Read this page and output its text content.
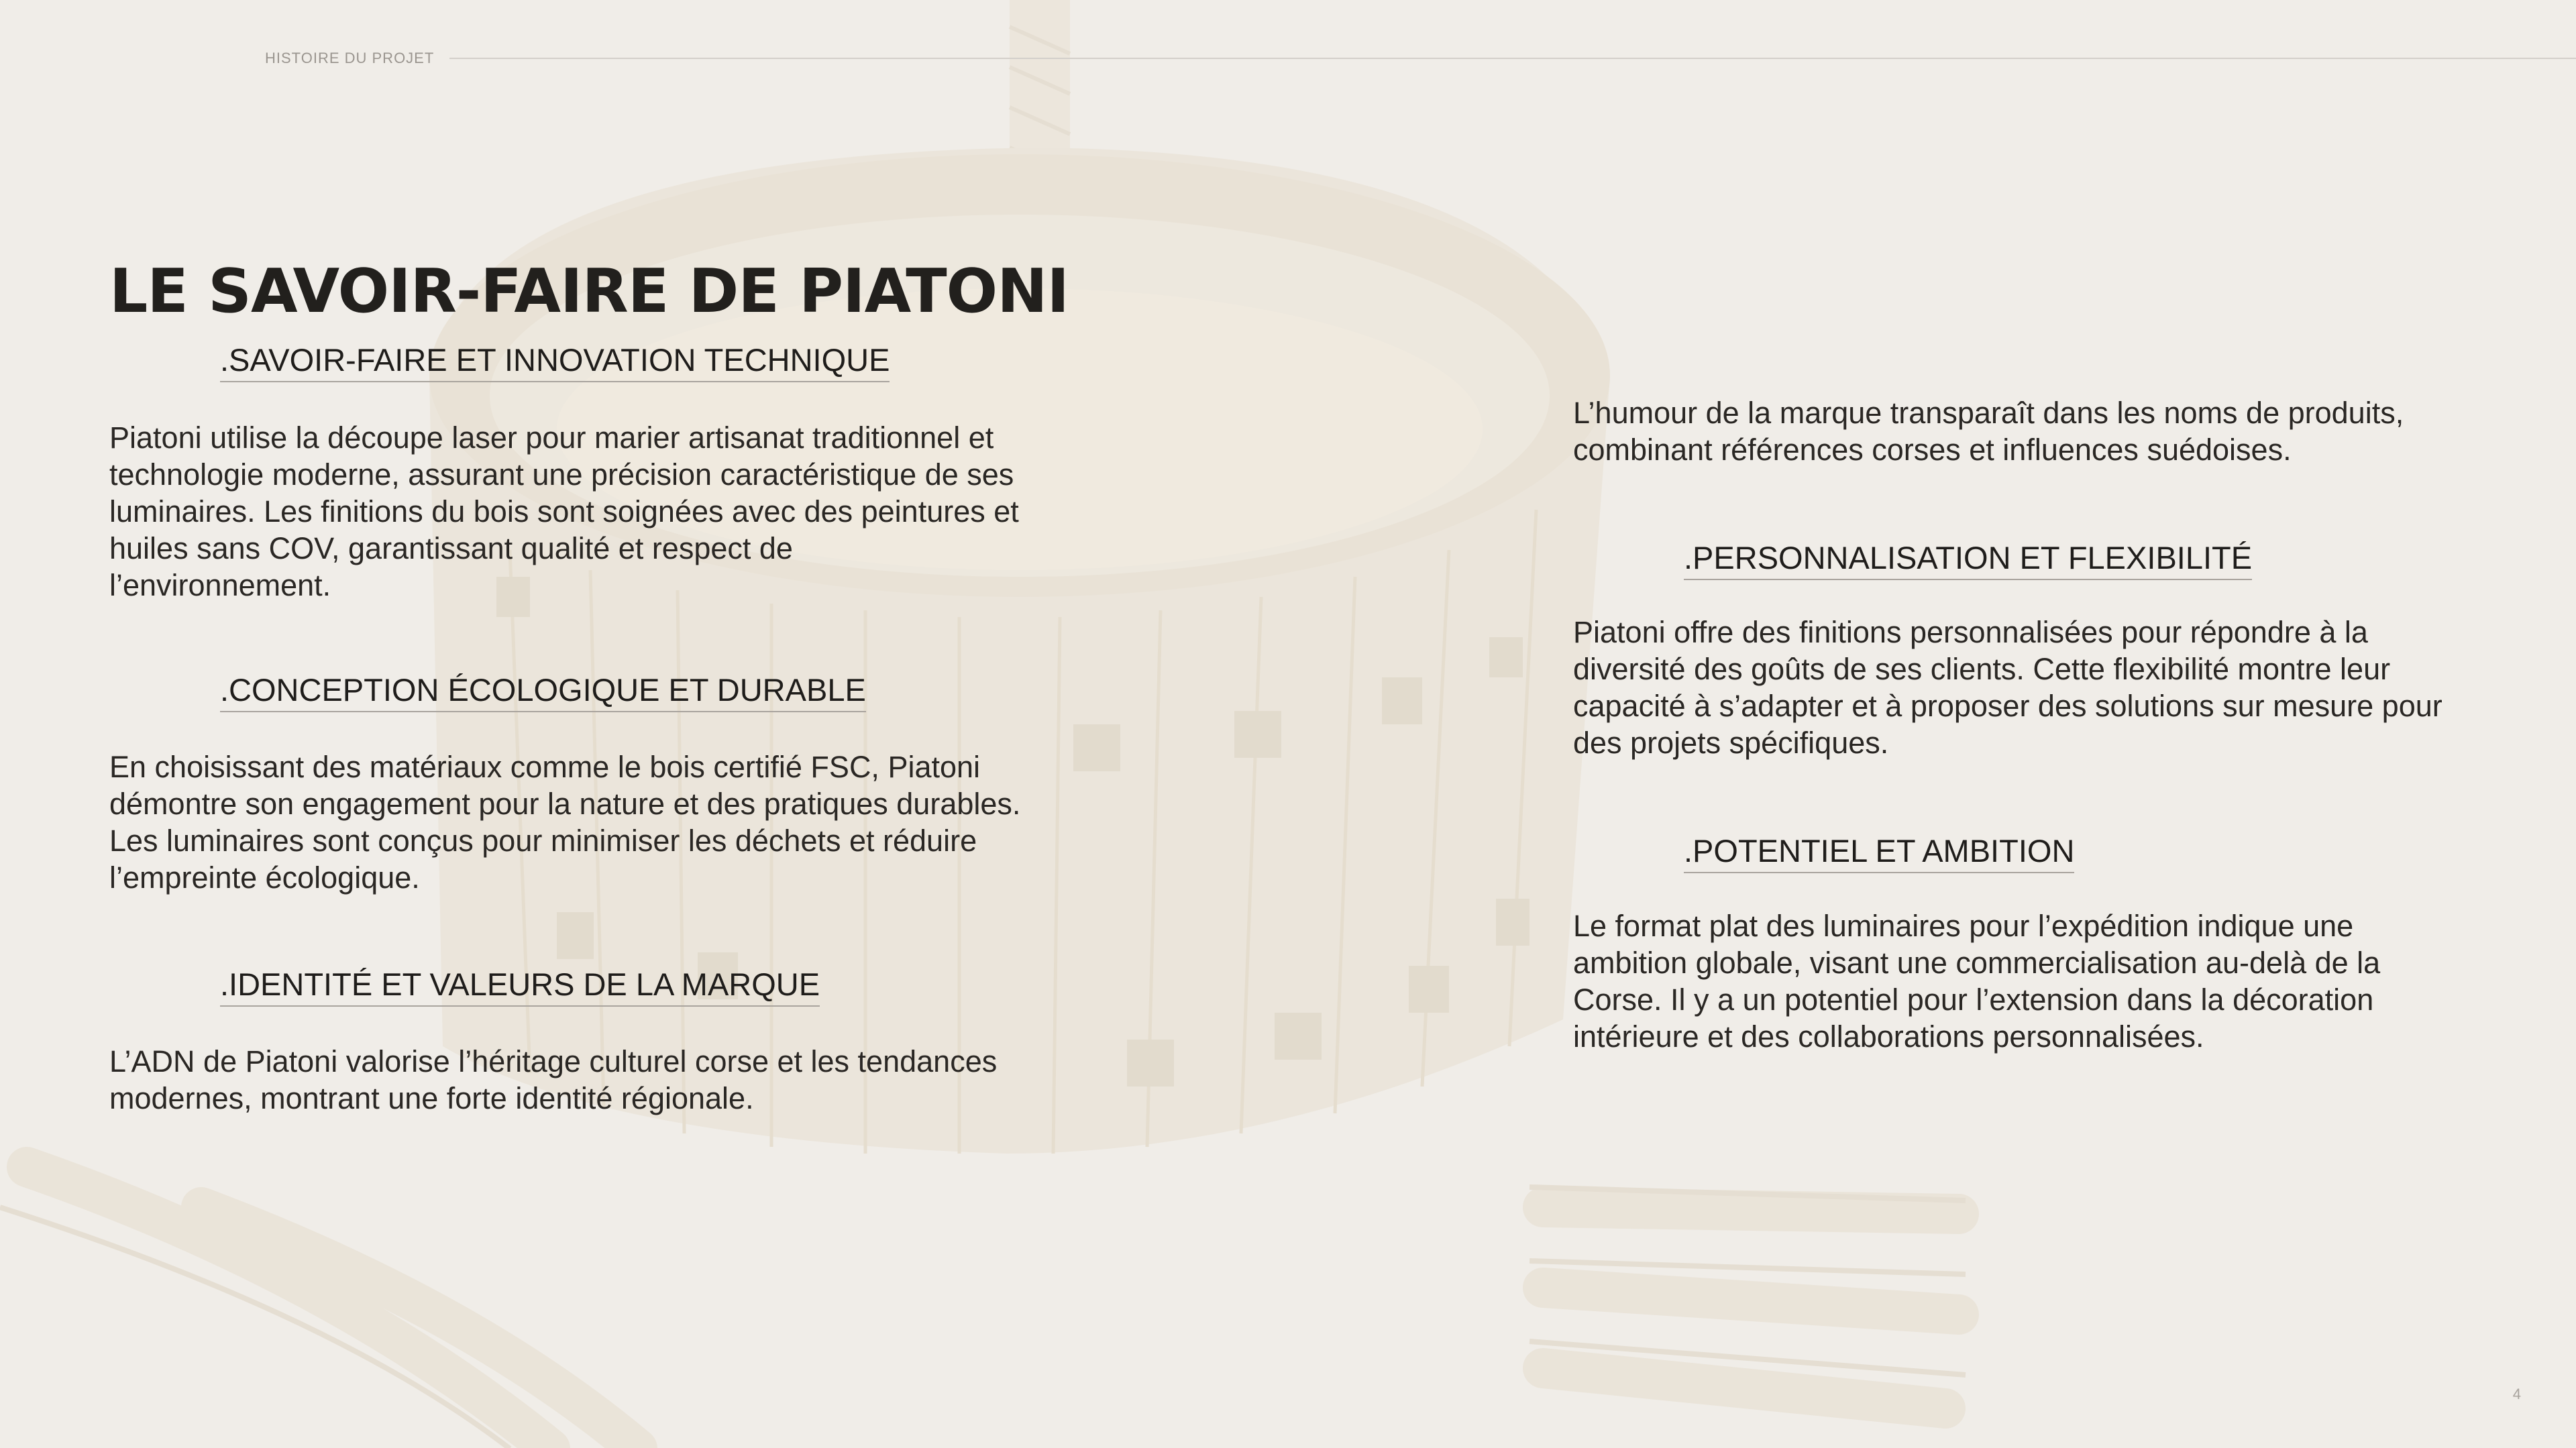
HISTOIRE DU PROJET
LE SAVOIR-FAIRE DE PIATONI
.SAVOIR-FAIRE ET INNOVATION TECHNIQUE
Piatoni utilise la découpe laser pour marier artisanat traditionnel et technologie moderne, assurant une précision caractéristique de ses luminaires. Les finitions du bois sont soignées avec des peintures et huiles sans COV, garantissant qualité et respect de l’environnement.
.CONCEPTION ÉCOLOGIQUE ET DURABLE
En choisissant des matériaux comme le bois certifié FSC, Piatoni démontre son engagement pour la nature et des pratiques durables. Les luminaires sont conçus pour minimiser les déchets et réduire l’empreinte écologique.
.IDENTITÉ ET VALEURS DE LA MARQUE
L’ADN de Piatoni valorise l’héritage culturel corse et les tendances modernes, montrant une forte identité régionale.
L’humour de la marque transparaît dans les noms de produits, combinant références corses et influences suédoises.
.PERSONNALISATION ET FLEXIBILITÉ
Piatoni offre des finitions personnalisées pour répondre à la diversité des goûts de ses clients. Cette flexibilité montre leur capacité à s’adapter et à proposer des solutions sur mesure pour des projets spécifiques.
.POTENTIEL ET AMBITION
Le format plat des luminaires pour l’expédition indique une ambition globale, visant une commercialisation au-delà de la Corse. Il y a un potentiel pour l’extension dans la décoration intérieure et des collaborations personnalisées.
4
